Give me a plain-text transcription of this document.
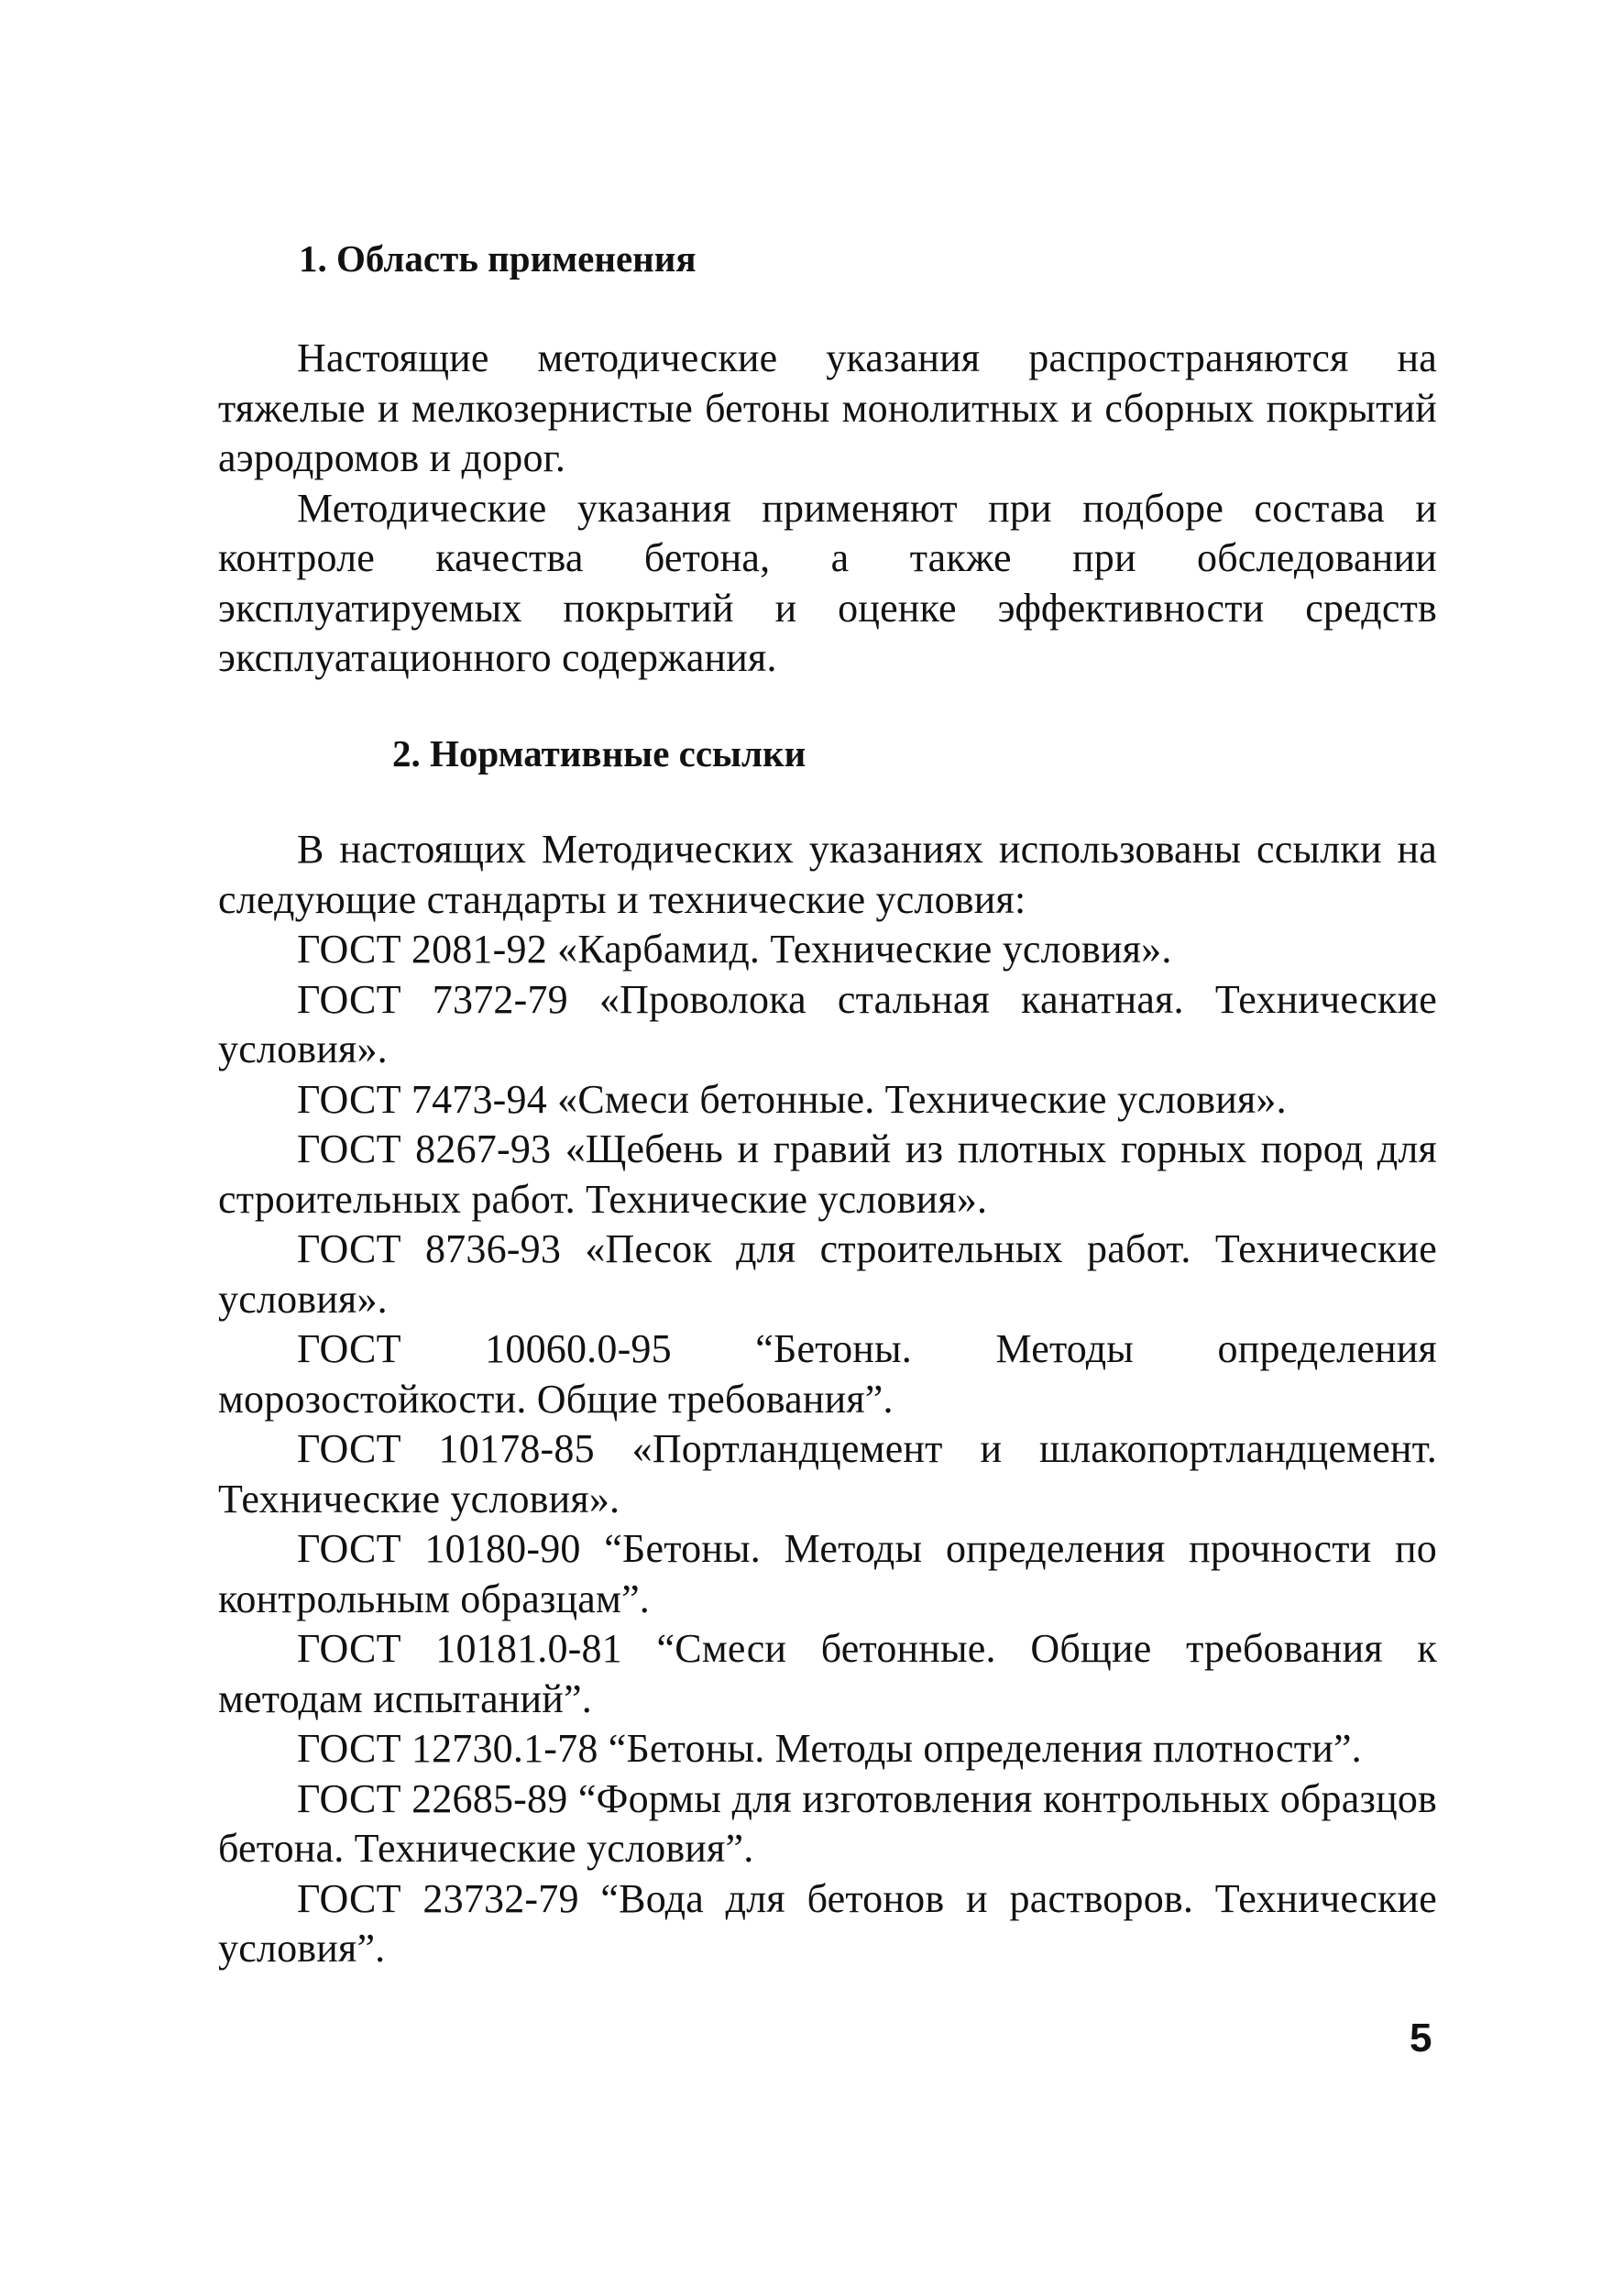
1. Область применения

Настоящие методические указания распространяются на тяжелые и мелкозернистые бетоны монолитных и сборных покрытий аэродромов и дорог.

Методические указания применяют при подборе состава и контроле качества бетона, а также при обследовании эксплуатируемых покрытий и оценке эффективности средств эксплуатационного содержания.

2. Нормативные ссылки

В настоящих Методических указаниях использованы ссылки на следующие стандарты и технические условия:

ГОСТ 2081-92 «Карбамид. Технические условия».

ГОСТ 7372-79 «Проволока стальная канатная. Технические условия».

ГОСТ 7473-94 «Смеси бетонные. Технические условия».

ГОСТ 8267-93 «Щебень и гравий из плотных горных пород для строительных работ. Технические условия».

ГОСТ 8736-93 «Песок для строительных работ. Технические условия».

ГОСТ 10060.0-95 “Бетоны. Методы определения морозостойкости. Общие требования”.

ГОСТ 10178-85 «Портландцемент и шлакопортландцемент. Технические условия».

ГОСТ 10180-90 “Бетоны. Методы определения прочности по контрольным образцам”.

ГОСТ 10181.0-81 “Смеси бетонные. Общие требования к методам испытаний”.

ГОСТ 12730.1-78 “Бетоны. Методы определения плотности”.

ГОСТ 22685-89 “Формы для изготовления контрольных образцов бетона. Технические условия”.

ГОСТ 23732-79 “Вода для бетонов и растворов. Технические условия”.

5
